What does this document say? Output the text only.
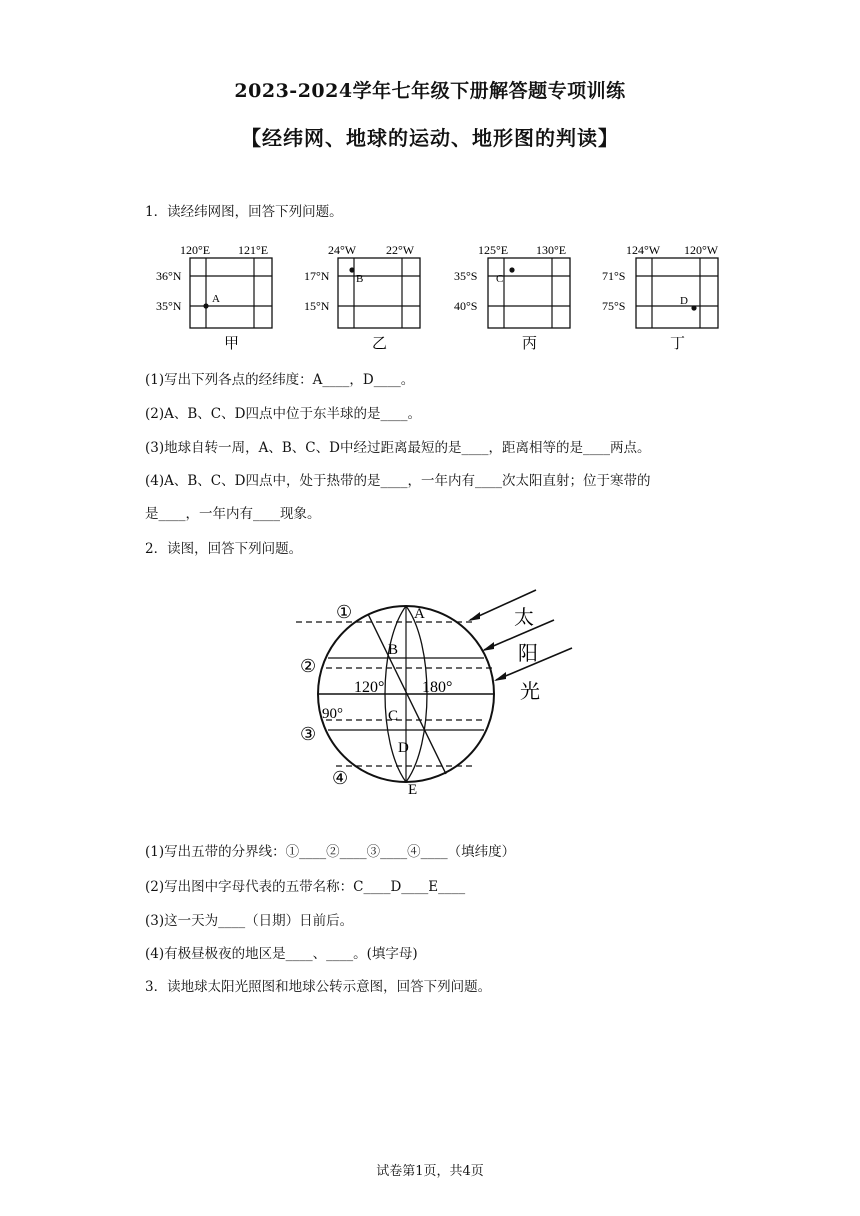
2023-2024学年七年级下册解答题专项训练
【经纬网、地球的运动、地形图的判读】
1．读经纬网图，回答下列问题。
120°E 121°E
36°N
35°N
甲
A
24°W 22°W
17°N
15°N
乙
B
125°E 130°E
35°S
40°S
丙
C
124°W 120°W
71°S
75°S
丁
D
(1)写出下列各点的经纬度：A____，D____。
(2)A、B、C、D四点中位于东半球的是____。
(3)地球自转一周，A、B、C、D中经过距离最短的是____，距离相等的是____两点。
(4)A、B、C、D四点中，处于热带的是____，一年内有____次太阳直射；位于寒带的
是____，一年内有____现象。
2．读图，回答下列问题。
①
②
③
④
A
B
C
D
E
120° 180°
90°
太
阳
光
(1)写出五带的分界线：①____②____③____④____（填纬度）
(2)写出图中字母代表的五带名称：C____D____E____
(3)这一天为____（日期）日前后。
(4)有极昼极夜的地区是____、____。(填字母)
3．读地球太阳光照图和地球公转示意图，回答下列问题。
试卷第1页，共4页
